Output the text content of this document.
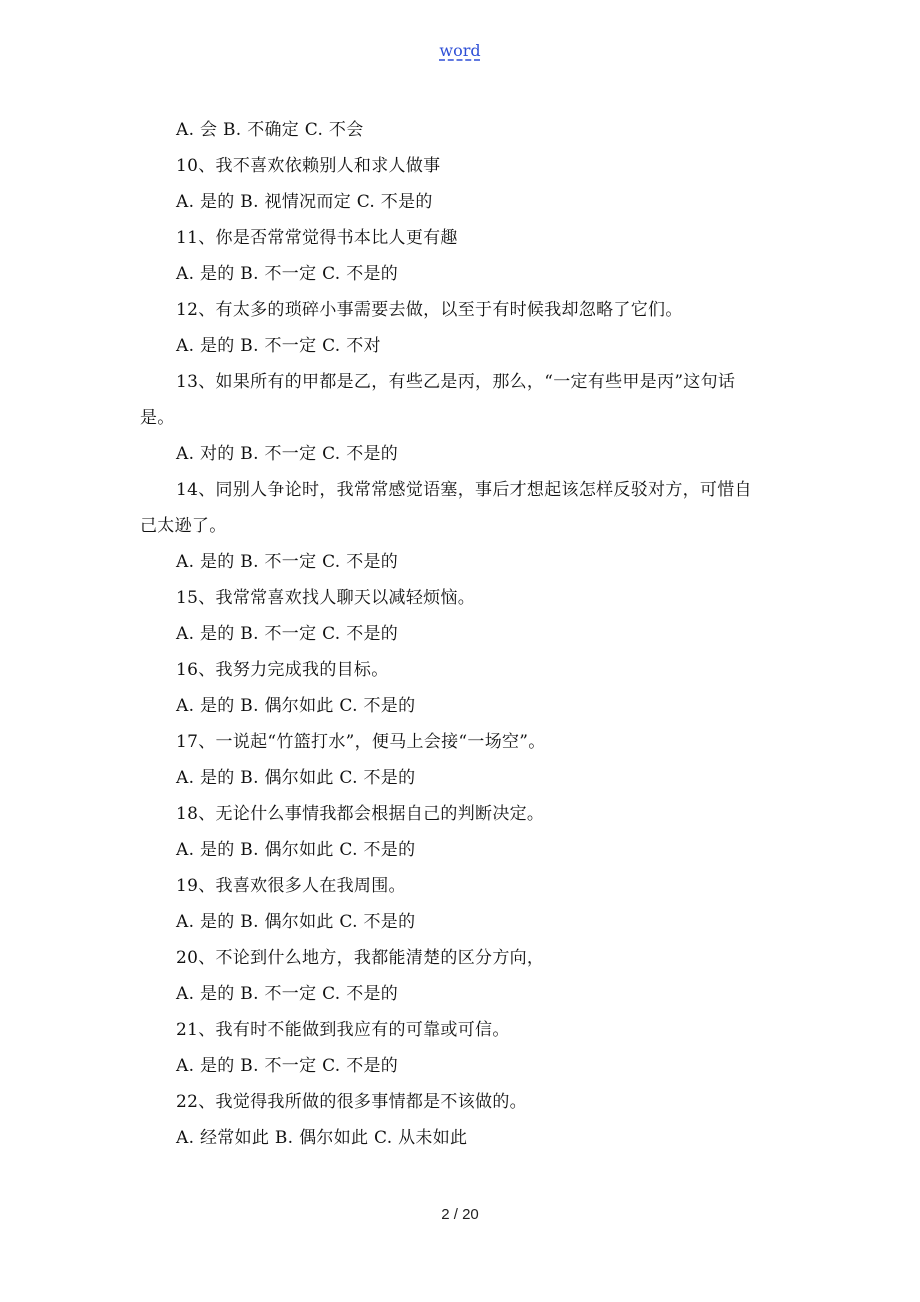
word
A. 会 B. 不确定 C. 不会
10、我不喜欢依赖别人和求人做事
A. 是的 B. 视情况而定 C. 不是的
11、你是否常常觉得书本比人更有趣
A. 是的 B. 不一定 C. 不是的
12、有太多的琐碎小事需要去做，以至于有时候我却忽略了它们。
A. 是的 B. 不一定 C. 不对
13、如果所有的甲都是乙，有些乙是丙，那么，“一定有些甲是丙”这句话
是。
A. 对的 B. 不一定 C. 不是的
14、同别人争论时，我常常感觉语塞，事后才想起该怎样反驳对方，可惜自
己太逊了。
A. 是的 B. 不一定 C. 不是的
15、我常常喜欢找人聊天以减轻烦恼。
A. 是的 B. 不一定 C. 不是的
16、我努力完成我的目标。
A. 是的 B. 偶尔如此 C. 不是的
17、一说起“竹篮打水”，便马上会接“一场空”。
A. 是的 B. 偶尔如此 C. 不是的
18、无论什么事情我都会根据自己的判断决定。
A. 是的 B. 偶尔如此 C. 不是的
19、我喜欢很多人在我周围。
A. 是的 B. 偶尔如此 C. 不是的
20、不论到什么地方，我都能清楚的区分方向，
A. 是的 B. 不一定 C. 不是的
21、我有时不能做到我应有的可靠或可信。
A. 是的 B. 不一定 C. 不是的
22、我觉得我所做的很多事情都是不该做的。
A. 经常如此 B. 偶尔如此 C. 从未如此
2 / 20
